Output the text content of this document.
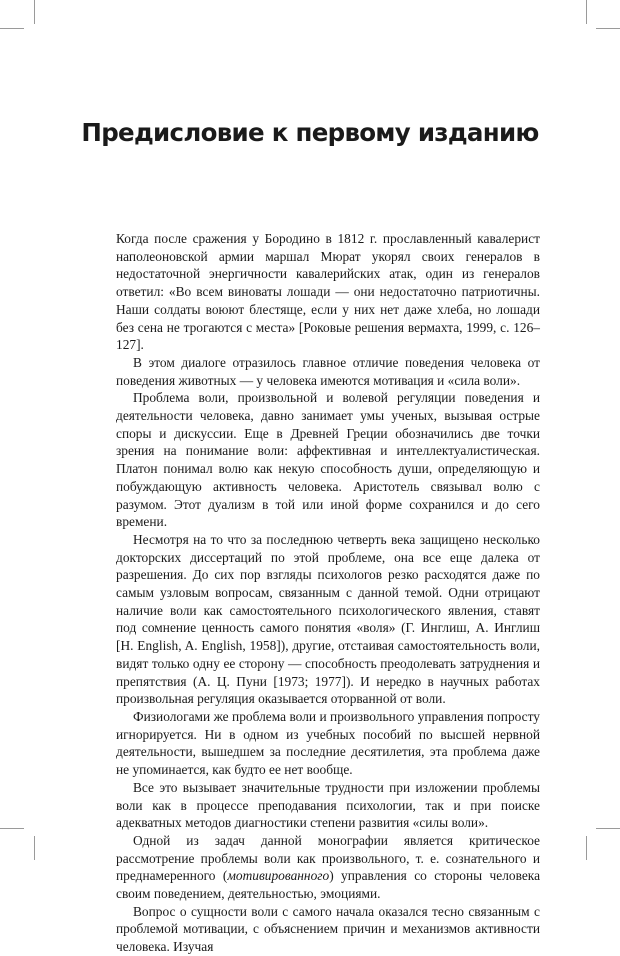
Предисловие к первому изданию

Когда после сражения у Бородино в 1812 г. прославленный кавалерист наполеоновской армии маршал Мюрат укорял своих генералов в недостаточной энергичности кавалерийских атак, один из генералов ответил: «Во всем виноваты лошади — они недостаточно патриотичны. Наши солдаты воюют блестяще, если у них нет даже хлеба, но лошади без сена не трогаются с места» [Роковые решения вермахта, 1999, с. 126–127].

В этом диалоге отразилось главное отличие поведения человека от поведения животных — у человека имеются мотивация и «сила воли».

Проблема воли, произвольной и волевой регуляции поведения и деятельности человека, давно занимает умы ученых, вызывая острые споры и дискуссии. Еще в Древней Греции обозначились две точки зрения на понимание воли: аффективная и интеллектуалистическая. Платон понимал волю как некую способность души, определяющую и побуждающую активность человека. Аристотель связывал волю с разумом. Этот дуализм в той или иной форме сохранился и до сего времени.

Несмотря на то что за последнюю четверть века защищено несколько докторских диссертаций по этой проблеме, она все еще далека от разрешения. До сих пор взгляды психологов резко расходятся даже по самым узловым вопросам, связанным с данной темой. Одни отрицают наличие воли как самостоятельного психологического явления, ставят под сомнение ценность самого понятия «воля» (Г. Инглиш, А. Инглиш [H. English, A. English, 1958]), другие, отстаивая самостоятельность воли, видят только одну ее сторону — способность преодолевать затруднения и препятствия (А. Ц. Пуни [1973; 1977]). И нередко в научных работах произвольная регуляция оказывается оторванной от воли.

Физиологами же проблема воли и произвольного управления попросту игнорируется. Ни в одном из учебных пособий по высшей нервной деятельности, вышедшем за последние десятилетия, эта проблема даже не упоминается, как будто ее нет вообще.

Все это вызывает значительные трудности при изложении проблемы воли как в процессе преподавания психологии, так и при поиске адекватных методов диагностики степени развития «силы воли».

Одной из задач данной монографии является критическое рассмотрение проблемы воли как произвольного, т. е. сознательного и преднамеренного (мотивированного) управления со стороны человека своим поведением, деятельностью, эмоциями.

Вопрос о сущности воли с самого начала оказался тесно связанным с проблемой мотивации, с объяснением причин и механизмов активности человека. Изучая
